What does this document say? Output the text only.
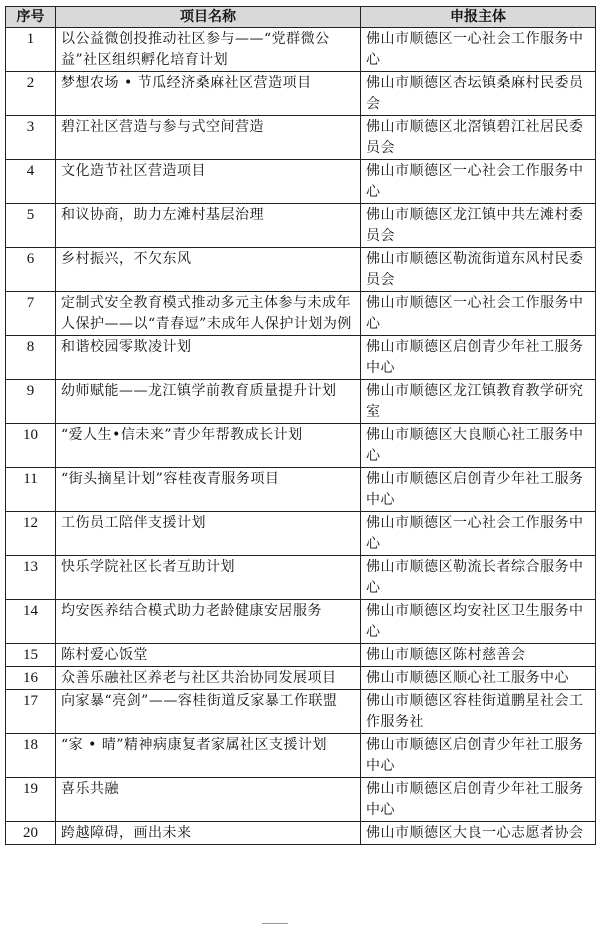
序号	项目名称	申报主体
1	以公益微创投推动社区参与——“党群微公益”社区组织孵化培育计划	佛山市顺德区一心社会工作服务中心
2	梦想农场 • 节瓜经济桑麻社区营造项目	佛山市顺德区杏坛镇桑麻村民委员会
3	碧江社区营造与参与式空间营造	佛山市顺德区北滘镇碧江社居民委员会
4	文化造节社区营造项目	佛山市顺德区一心社会工作服务中心
5	和议协商，助力左滩村基层治理	佛山市顺德区龙江镇中共左滩村委员会
6	乡村振兴，不欠东风	佛山市顺德区勒流街道东风村民委员会
7	定制式安全教育模式推动多元主体参与未成年人保护——以“青春逗”未成年人保护计划为例	佛山市顺德区一心社会工作服务中心
8	和谐校园零欺凌计划	佛山市顺德区启创青少年社工服务中心
9	幼师赋能——龙江镇学前教育质量提升计划	佛山市顺德区龙江镇教育教学研究室
10	“爱人生•信未来”青少年帮教成长计划	佛山市顺德区大良顺心社工服务中心
11	“街头摘星计划”容桂夜青服务项目	佛山市顺德区启创青少年社工服务中心
12	工伤员工陪伴支援计划	佛山市顺德区一心社会工作服务中心
13	快乐学院社区长者互助计划	佛山市顺德区勒流长者综合服务中心
14	均安医养结合模式助力老龄健康安居服务	佛山市顺德区均安社区卫生服务中心
15	陈村爱心饭堂	佛山市顺德区陈村慈善会
16	众善乐融社区养老与社区共治协同发展项目	佛山市顺德区顺心社工服务中心
17	向家暴“亮剑”——容桂街道反家暴工作联盟	佛山市顺德区容桂街道鹏星社会工作服务社
18	“家 • 晴”精神病康复者家属社区支援计划	佛山市顺德区启创青少年社工服务中心
19	喜乐共融	佛山市顺德区启创青少年社工服务中心
20	跨越障碍，画出未来	佛山市顺德区大良一心志愿者协会
